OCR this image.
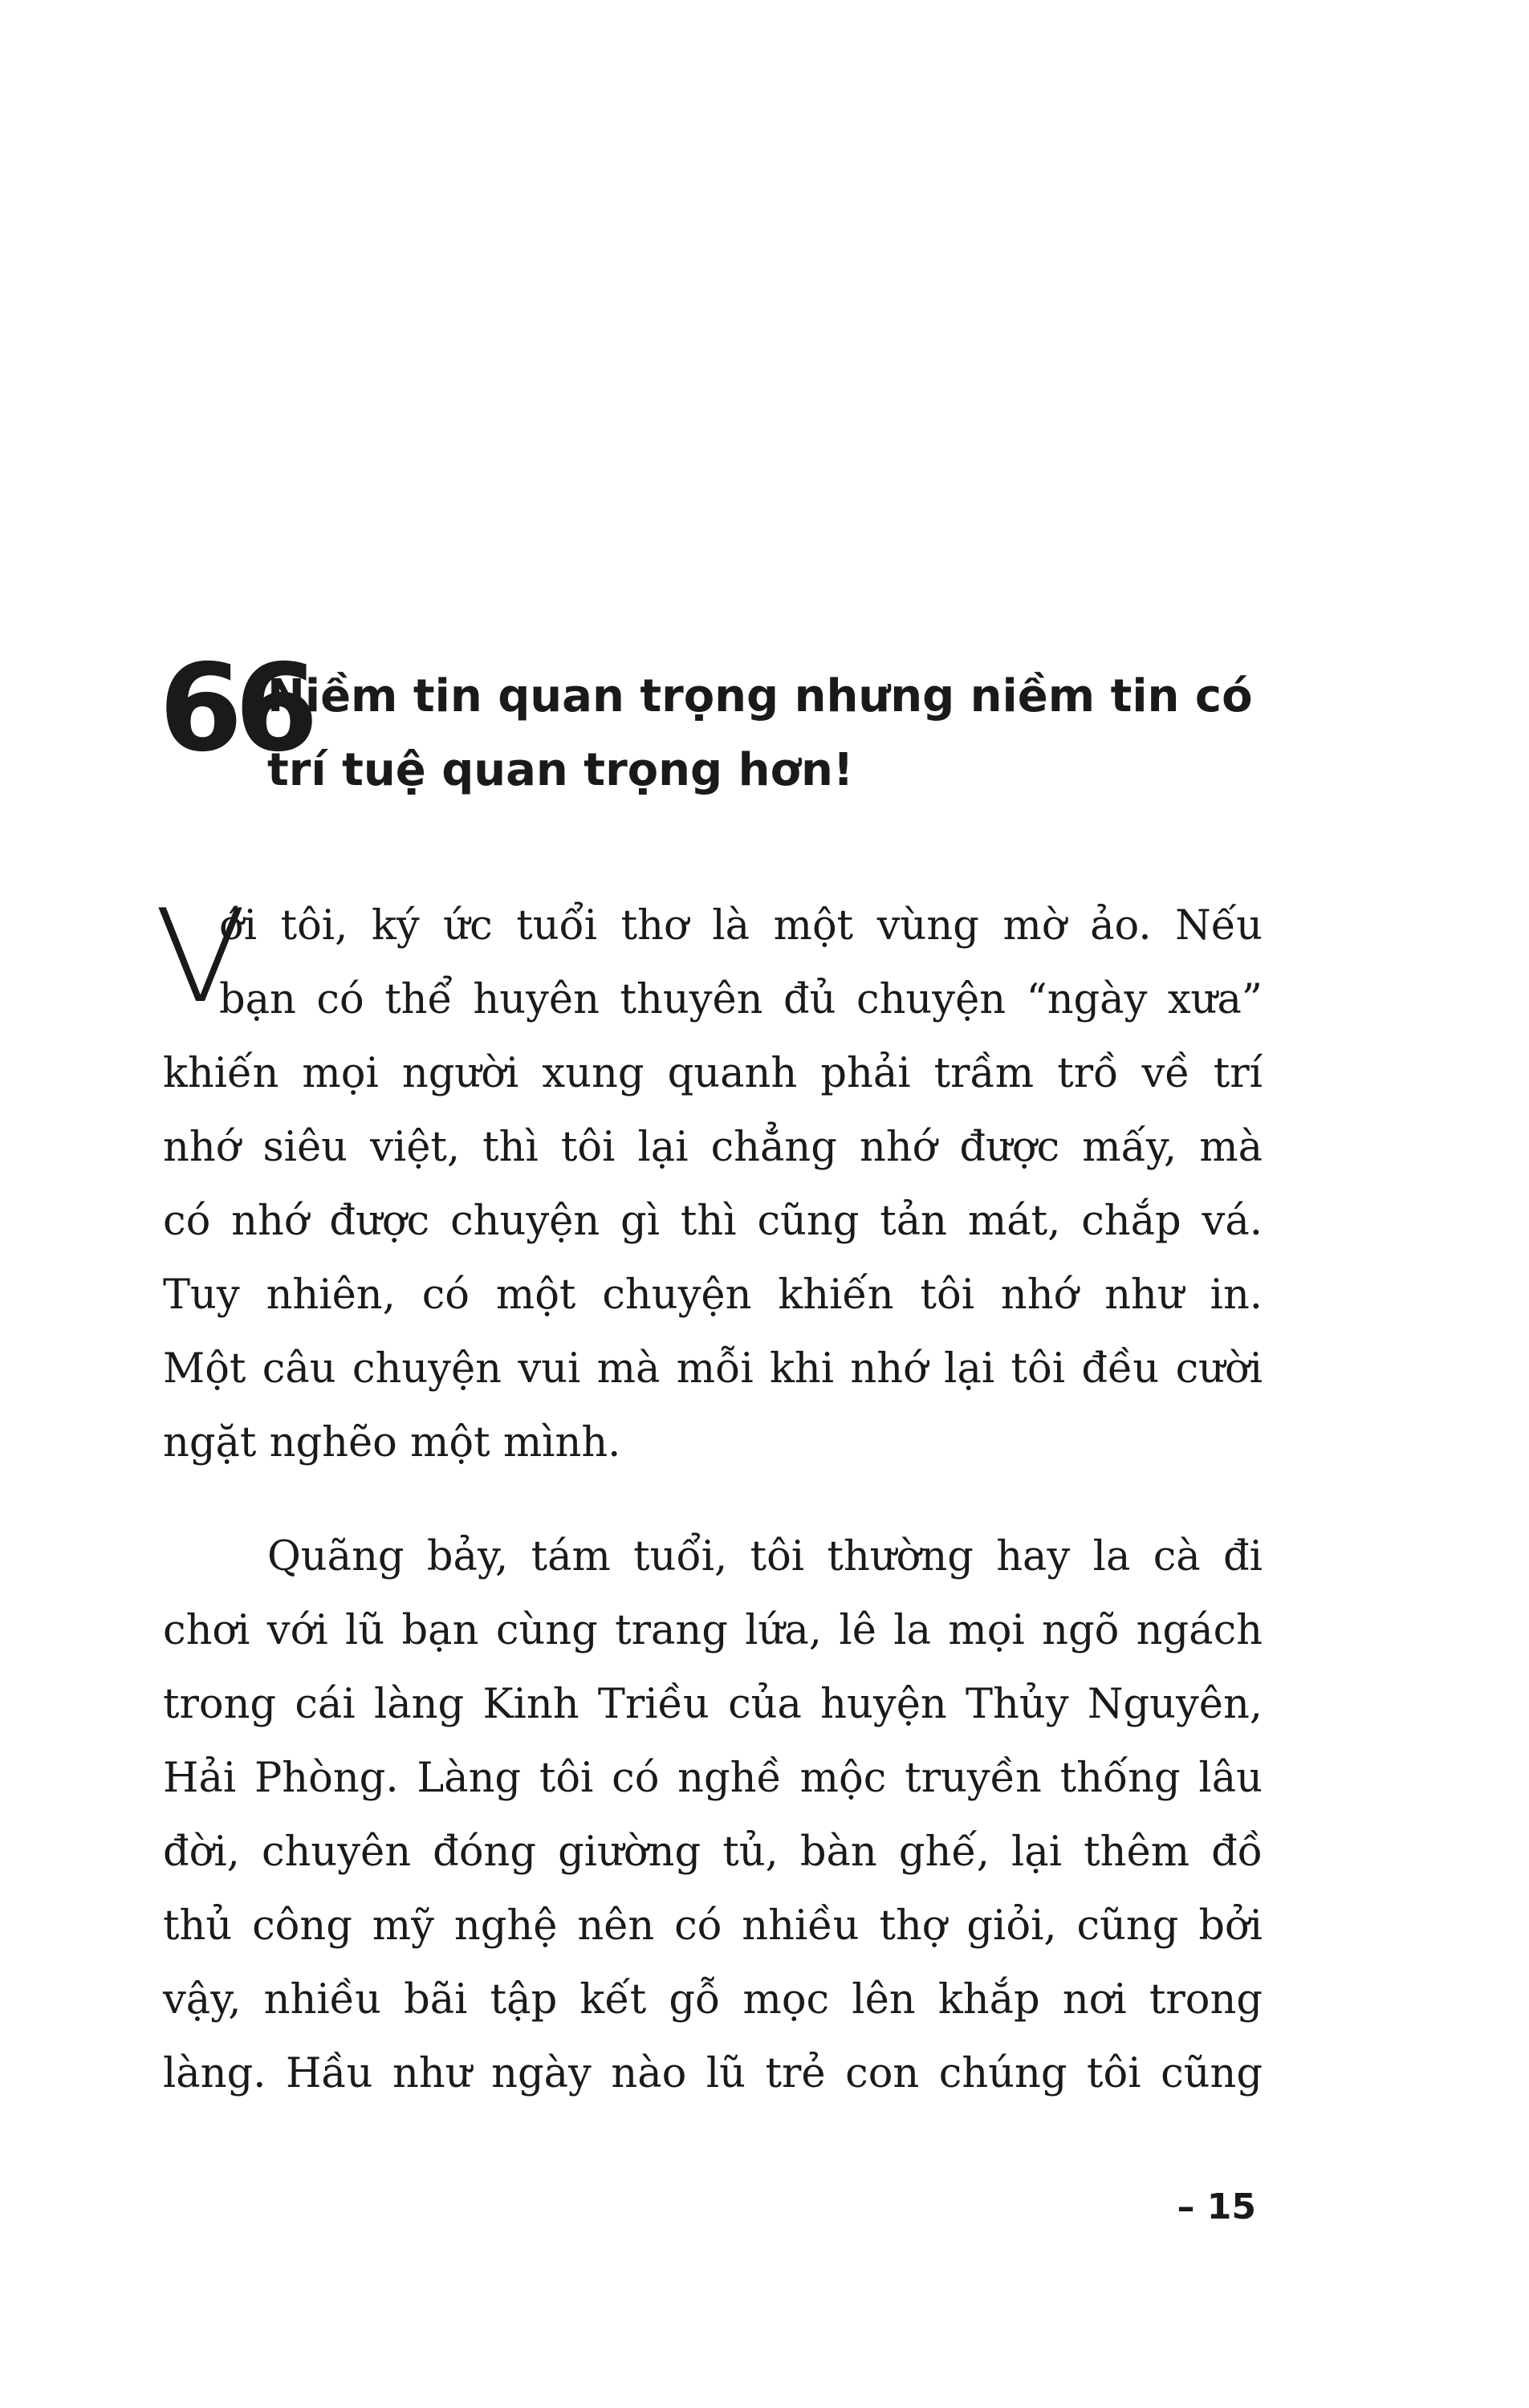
66
Niềm tin quan trọng nhưng niềm tin có
trí tuệ quan trọng hơn!
V
ới tôi, ký ức tuổi thơ là một vùng mờ ảo. Nếu
bạn có thể huyên thuyên đủ chuyện “ngày xưa”
khiến mọi người xung quanh phải trầm trồ về trí
nhớ siêu việt, thì tôi lại chẳng nhớ được mấy, mà
có nhớ được chuyện gì thì cũng tản mát, chắp vá.
Tuy nhiên, có một chuyện khiến tôi nhớ như in.
Một câu chuyện vui mà mỗi khi nhớ lại tôi đều cười
ngặt nghẽo một mình.
Quãng bảy, tám tuổi, tôi thường hay la cà đi
chơi với lũ bạn cùng trang lứa, lê la mọi ngõ ngách
trong cái làng Kinh Triều của huyện Thủy Nguyên,
Hải Phòng. Làng tôi có nghề mộc truyền thống lâu
đời, chuyên đóng giường tủ, bàn ghế, lại thêm đồ
thủ công mỹ nghệ nên có nhiều thợ giỏi, cũng bởi
vậy, nhiều bãi tập kết gỗ mọc lên khắp nơi trong
làng. Hầu như ngày nào lũ trẻ con chúng tôi cũng
– 15
